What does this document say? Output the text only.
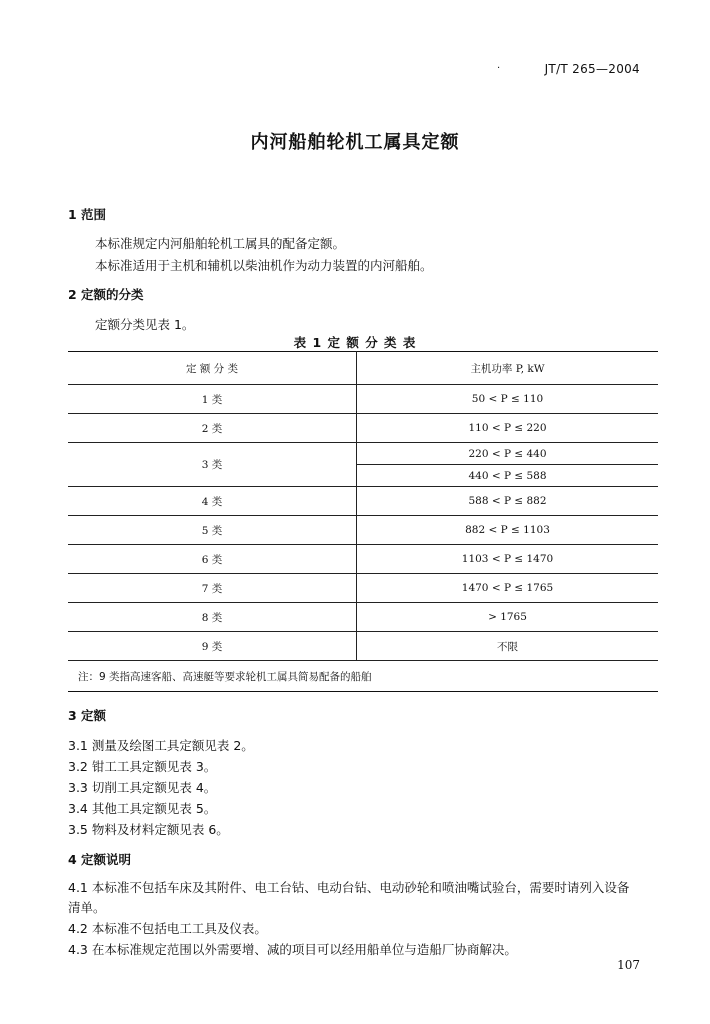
JT/T 265—2004
.
内河船舶轮机工属具定额
1 范围
本标准规定内河船舶轮机工属具的配备定额。
本标准适用于主机和辅机以柴油机作为动力装置的内河船舶。
2 定额的分类
定额分类见表 1。
表 1 定 额 分 类 表
定 额 分 类	主机功率 P, kW
1 类	50 < P ≤ 110
2 类	110 < P ≤ 220
3 类	220 < P ≤ 440
	440 < P ≤ 588
4 类	588 < P ≤ 882
5 类	882 < P ≤ 1103
6 类	1103 < P ≤ 1470
7 类	1470 < P ≤ 1765
8 类	> 1765
9 类	不限
注：9 类指高速客船、高速艇等要求轮机工属具简易配备的船舶	
3 定额
3.1 测量及绘图工具定额见表 2。
3.2 钳工工具定额见表 3。
3.3 切削工具定额见表 4。
3.4 其他工具定额见表 5。
3.5 物料及材料定额见表 6。
4 定额说明
4.1 本标准不包括车床及其附件、电工台钻、电动台钻、电动砂轮和喷油嘴试验台，需要时请列入设备
清单。
4.2 本标准不包括电工工具及仪表。
4.3 在本标准规定范围以外需要增、减的项目可以经用船单位与造船厂协商解决。
107
